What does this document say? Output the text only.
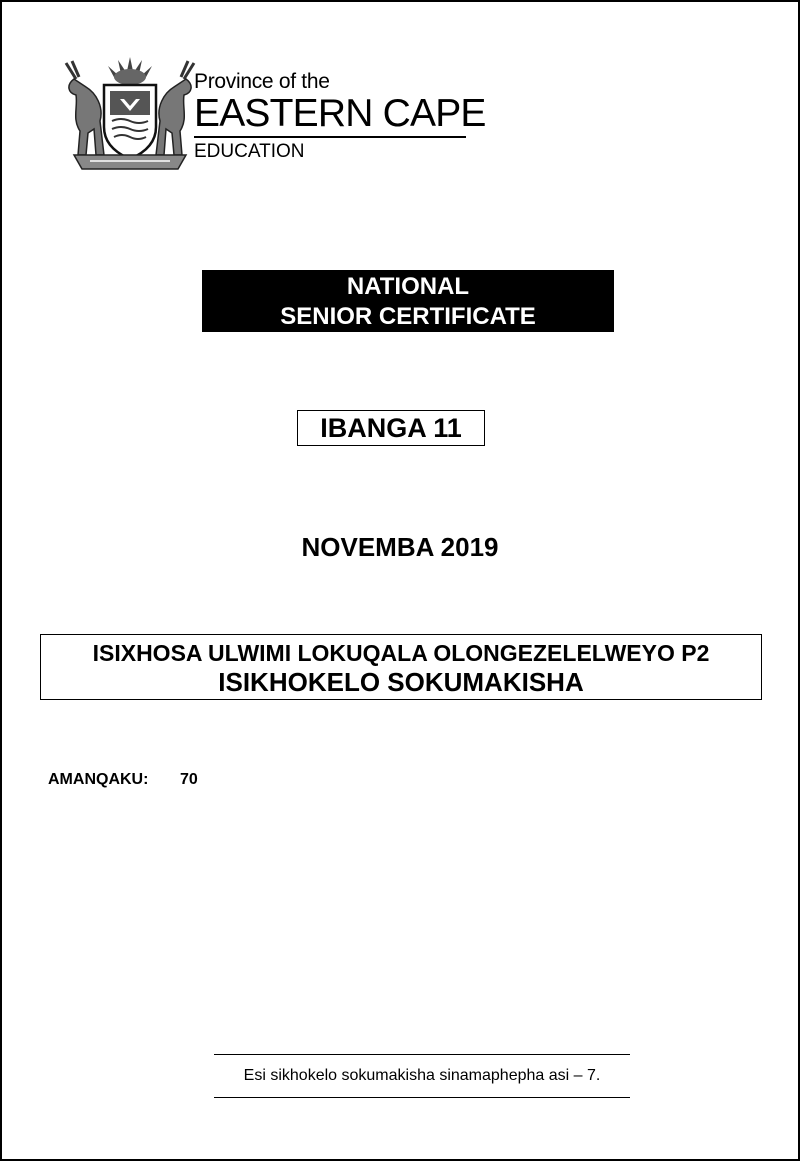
Province of the
EASTERN CAPE
EDUCATION
NATIONAL
SENIOR CERTIFICATE
IBANGA 11
NOVEMBA 2019
ISIXHOSA ULWIMI LOKUQALA OLONGEZELELWEYO P2
ISIKHOKELO SOKUMAKISHA
AMANQAKU: 70
Esi sikhokelo sokumakisha sinamaphepha asi – 7.
